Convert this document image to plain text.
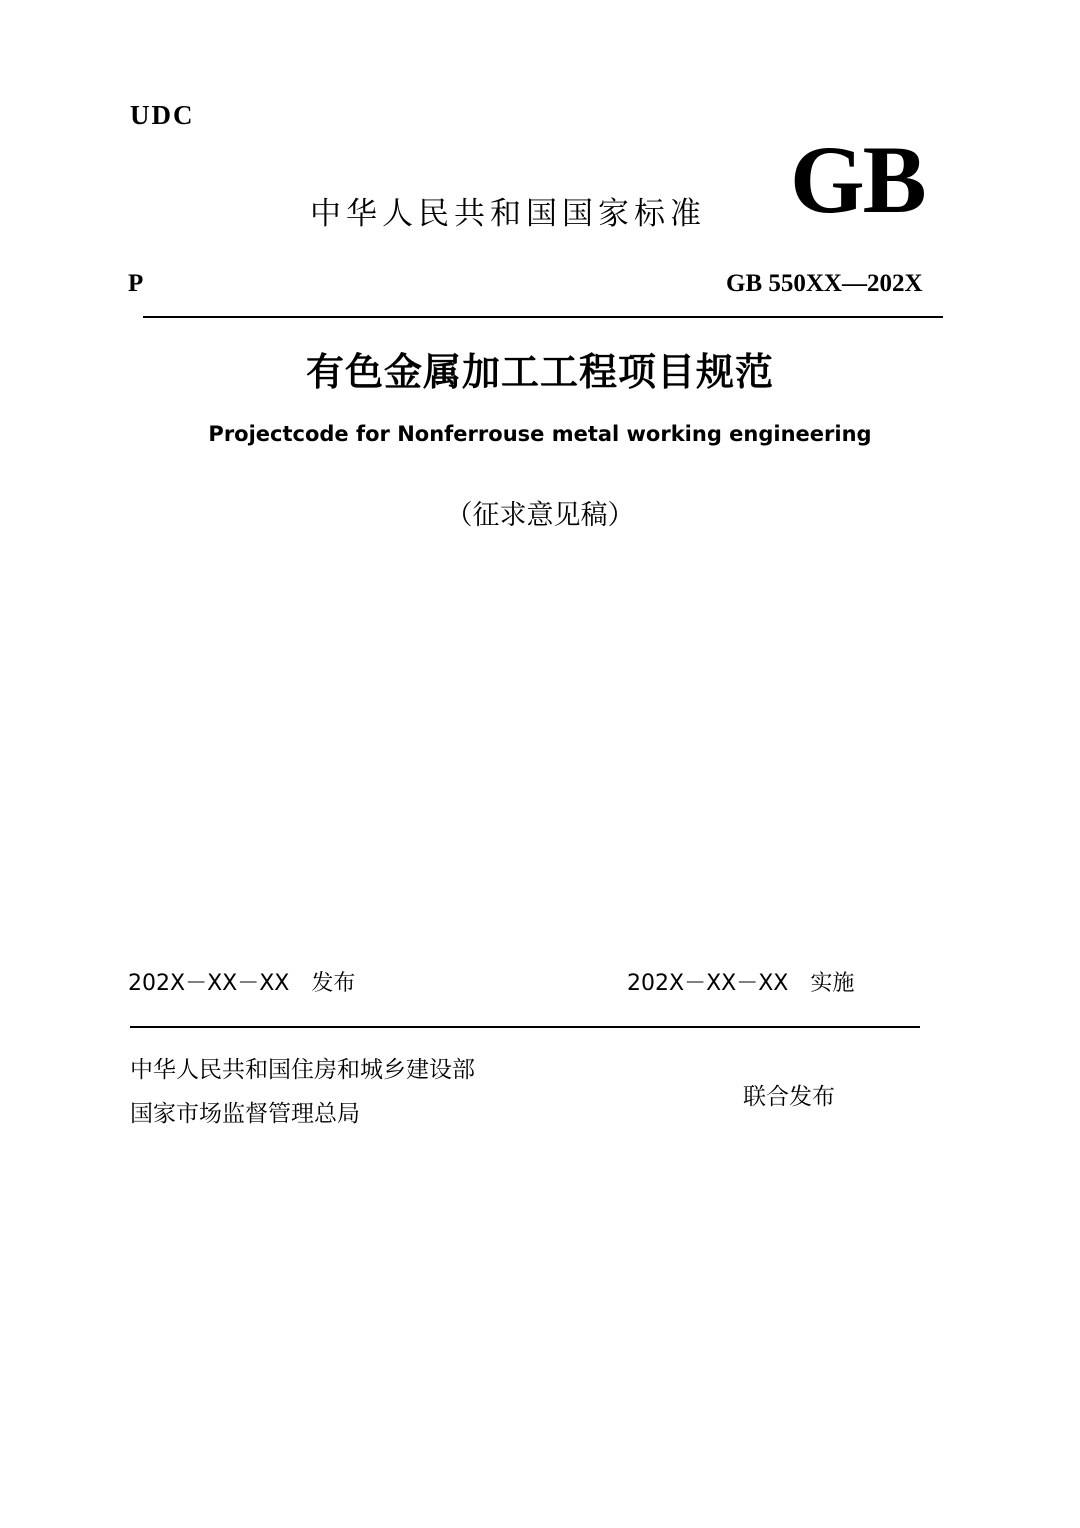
UDC
中华人民共和国国家标准 GB
P	GB 550XX—202X
有色金属加工工程项目规范
Projectcode for Nonferrouse metal working engineering
（征求意见稿）
202X－XX－XX　发布	202X－XX－XX　实施
中华人民共和国住房和城乡建设部
国家市场监督管理总局
联合发布
